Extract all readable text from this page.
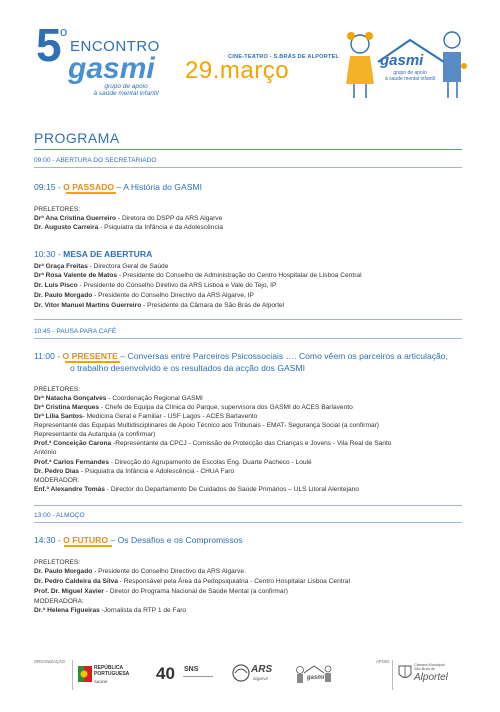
5 o
ENCONTRO
gasmi
grupo de apoio
à saúde mental infantil
CINE-TEATRO - S.BRÁS DE ALPORTEL
29.março	gasmi
grupo de apoio
à saúde mental infantil
PROGRAMA
09:00 - ABERTURA DO SECRETARIADO
09:15 - O PASSADO – A História do GASMI
PRELETORES:
Drª Ana Cristina Guerreiro - Diretora do DSPP da ARS Algarve
Dr. Augusto Carreira - Psiquiatra da Infância e da Adolescência
10:30 - MESA DE ABERTURA
Drª Graça Freitas - Directora Geral de Saúde
Drª Rosa Valente de Matos - Presidente do Conselho de Administração do Centro Hospitalar de Lisboa Central
Dr. Luís Pisco - Presidente do Conselho Diretivo da ARS Lisboa e Vale do Tejo, IP
Dr. Paulo Morgado - Presidente do Conselho Directivo da ARS Algarve, IP
Dr. Vitor Manuel Martins Guerreiro - Presidente da Câmara de São Brás de Alportel
10:45 - PAUSA PARA CAFÉ
11:00 - O PRESENTE – Conversas entre Parceiros Psicossociais …. Como vêem os parceiros a articulação,
o trabalho desenvolvido e os resultados da acção dos GASMI
PRELETORES:
Drª Natacha Gonçalves - Coordenação Regional GASMI
Drª Cristina Marques - Chefe de Equipa da Clínica do Parque, supervisora dos GASMI do ACES Barlavento
Drª Lília Santos- Medicina Geral e Familiar - USF Lagos - ACES Barlavento
Representante das Equipas Multidisciplinares de Apoio Técnico aos Tribunais - EMAT- Segurança Social (a confirmar)
Representante da Autarquia (a confirmar)
Prof.ª Conceição Carona -Representante da CPCJ - Comissão de Protecção das Crianças e Jovens - Vila Real de Santo
António
Prof.ª Carlos Fernandes - Direcção do Agrupamento de Escolas Eng. Duarte Pacheco - Loulé
Dr. Pedro Dias - Psiquiatra da Infância e Adolescência - CHUA Faro
MODERADOR:
Enf.ª Alexandre Tomás - Director do Departamento De Cuidados de Saúde Primários – ULS Litoral Alentejano
13:00 - ALMOÇO
14:30 - O FUTURO – Os Desafios e os Compromissos
PRELETORES:
Dr. Paulo Morgado - Presidente do Conselho Directivo da ARS Algarve.
Dr. Pedro Caldeira da Silva - Responsável pela Área da Pedopsiquiatria - Centro Hospitalar Lisboa Central
Prof. Dr. Miguel Xavier - Diretor do Programa Nacional de Saúde Mental (a confirmar)
MODERADORA:
Dr.ª Helena Figueiras -Jornalista da RTP 1 de Faro
ORGANIZAÇÃO
REPÚBLICA
PORTUGUESA
SAÚDE	40 SNS	ARS
algarve	gasmi
APOIO
Câmara Municipal
São Brás de
Alportel
